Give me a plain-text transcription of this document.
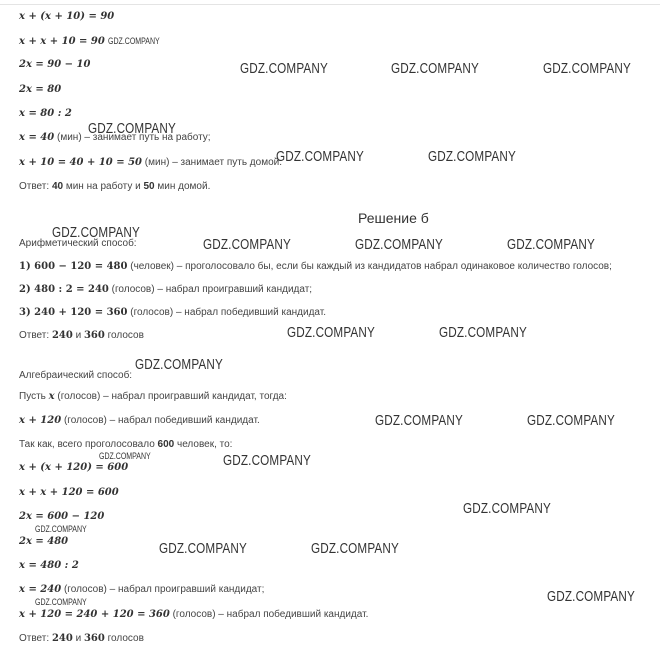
x + (x + 10) = 90
x + x + 10 = 90 GDZ.COMPANY
2x = 90 − 10
2x = 80
x = 80 : 2
x = 40 (мин) – занимает путь на работу;
x + 10 = 40 + 10 = 50 (мин) – занимает путь домой.
Ответ: 40 мин на работу и 50 мин домой.
Решение б
Арифметический способ:
1) 600 − 120 = 480 (человек) – проголосовало бы, если бы каждый из кандидатов набрал одинаковое количество голосов;
2) 480 : 2 = 240 (голосов) – набрал проигравший кандидат;
3) 240 + 120 = 360 (голосов) – набрал победивший кандидат.
Ответ: 240 и 360 голосов
Алгебраический способ:
Пусть x (голосов) – набрал проигравший кандидат, тогда:
x + 120 (голосов) – набрал победивший кандидат.
Так как, всего проголосовало 600 человек, то:
x + (x + 120) = 600
x + x + 120 = 600
2x = 600 − 120
2x = 480
x = 480 : 2
x = 240 (голосов) – набрал проигравший кандидат;
x + 120 = 240 + 120 = 360 (голосов) – набрал победивший кандидат.
Ответ: 240 и 360 голосов
GDZ.COMPANY	GDZ.COMPANY	GDZ.COMPANY
GDZ.COMPANY
GDZ.COMPANY	GDZ.COMPANY
GDZ.COMPANY
GDZ.COMPANY	GDZ.COMPANY	GDZ.COMPANY
GDZ.COMPANY	GDZ.COMPANY
GDZ.COMPANY
GDZ.COMPANY	GDZ.COMPANY
GDZ.COMPANY	GDZ.COMPANY
GDZ.COMPANY
GDZ.COMPANY
GDZ.COMPANY	GDZ.COMPANY
GDZ.COMPANY
GDZ.COMPANY
